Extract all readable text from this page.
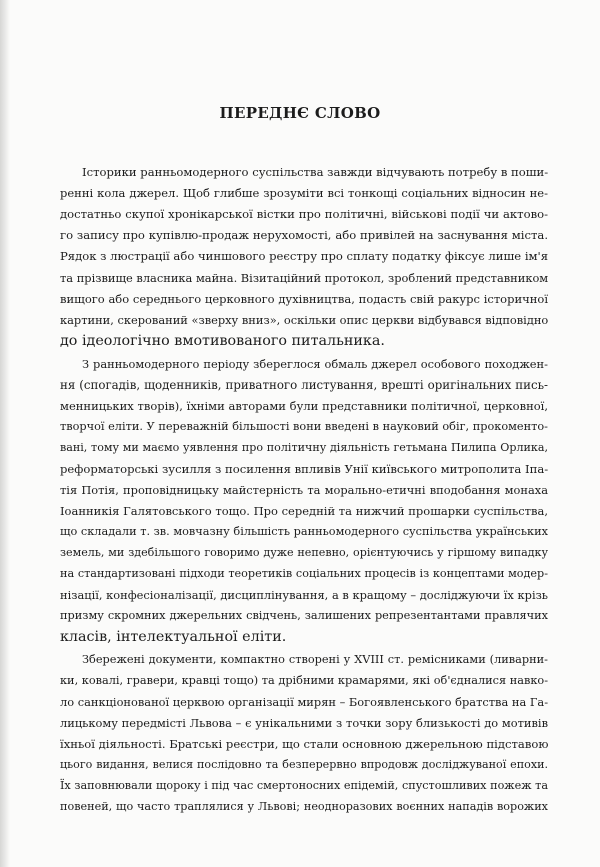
ПЕРЕДНЄ СЛОВО
Історики ранньомодерного суспільства завжди відчувають потребу в поши-
ренні кола джерел. Щоб глибше зрозуміти всі тонкощі соціальних відносин не-
достатньо скупої хронікарської вістки про політичні, військові події чи актово-
го запису про купівлю-продаж нерухомості, або привілей на заснування міста.
Рядок з люстрації або чиншового реєстру про сплату податку фіксує лише ім'я
та прізвище власника майна. Візитаційний протокол, зроблений представником
вищого або середнього церковного духівництва, подасть свій ракурс історичної
картини, скерований «зверху вниз», оскільки опис церкви відбувався відповідно
до ідеологічно вмотивованого питальника.
З ранньомодерного періоду збереглося обмаль джерел особового походжен-
ня (спогадів, щоденників, приватного листування, врешті оригінальних пись-
менницьких творів), їхніми авторами були представники політичної, церковної,
творчої еліти. У переважній більшості вони введені в науковий обіг, прокоменто-
вані, тому ми маємо уявлення про політичну діяльність гетьмана Пилипа Орлика,
реформаторські зусилля з посилення впливів Унії київського митрополита Іпа-
тія Потія, проповідницьку майстерність та морально-етичні вподобання монаха
Іоанникія Галятовського тощо. Про середній та нижчий прошарки суспільства,
що складали т. зв. мовчазну більшість ранньомодерного суспільства українських
земель, ми здебільшого говоримо дуже непевно, орієнтуючись у гіршому випадку
на стандартизовані підходи теоретиків соціальних процесів із концептами модер-
нізації, конфесіоналізації, дисциплінування, а в кращому – досліджуючи їх крізь
призму скромних джерельних свідчень, залишених репрезентантами правлячих
класів, інтелектуальної еліти.
Збережені документи, компактно створені у XVIII ст. ремісниками (ливарни-
ки, ковалі, гравери, кравці тощо) та дрібними крамарями, які об'єдналися навко-
ло санкціонованої церквою організації мирян – Богоявленського братства на Га-
лицькому передмісті Львова – є унікальними з точки зору близькості до мотивів
їхньої діяльності. Братські реєстри, що стали основною джерельною підставою
цього видання, велися послідовно та безперервно впродовж досліджуваної епохи.
Їх заповнювали щороку і під час смертоносних епідемій, спустошливих пожеж та
повеней, що часто траплялися у Львові; неодноразових воєнних нападів ворожих
